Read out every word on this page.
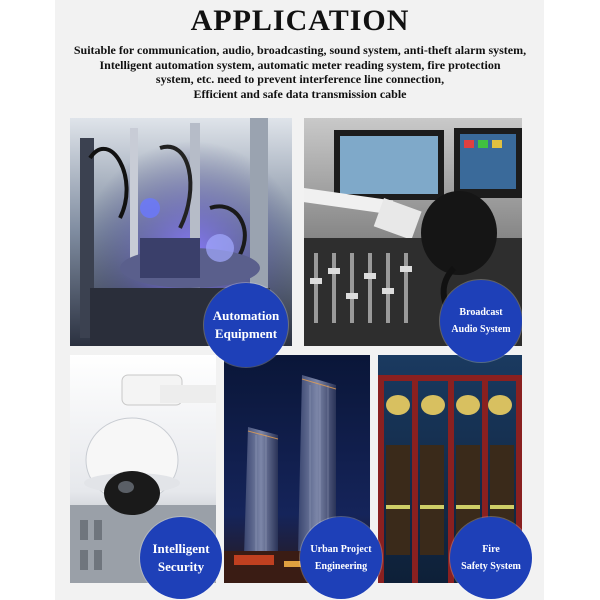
APPLICATION
Suitable for communication, audio, broadcasting, sound system, anti-theft alarm system,
Intelligent automation system, automatic meter reading system, fire protection
system, etc. need to prevent interference line connection,
Efficient and safe data transmission cable
Automation
Equipment
Broadcast
Audio System
Intelligent
Security
Urban Project
Engineering
Fire
Safety System
